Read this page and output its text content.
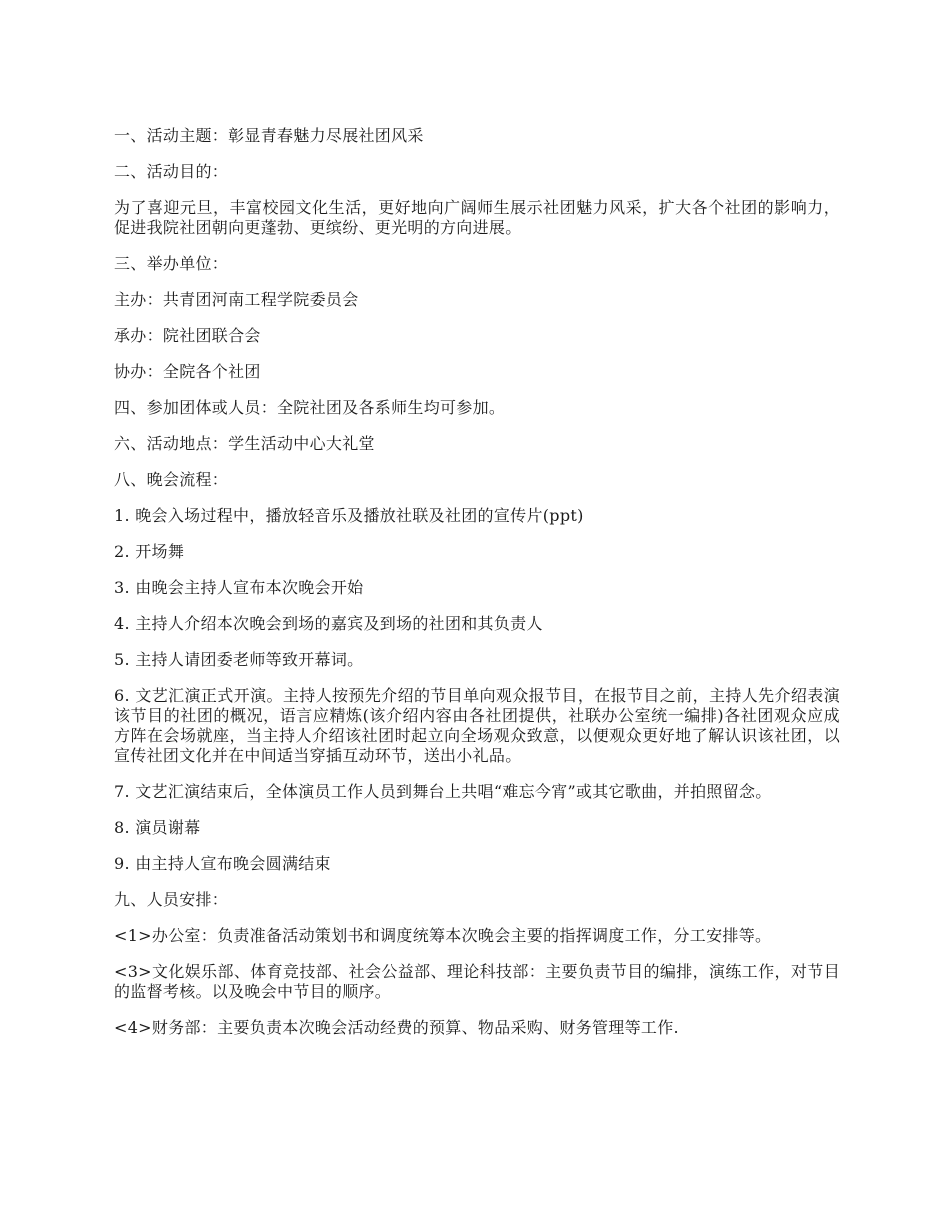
一、活动主题：彰显青春魅力尽展社团风采

二、活动目的：

为了喜迎元旦，丰富校园文化生活，更好地向广阔师生展示社团魅力风采，扩大各个社团的影响力，促进我院社团朝向更蓬勃、更缤纷、更光明的方向进展。

三、举办单位：

主办：共青团河南工程学院委员会

承办：院社团联合会

协办：全院各个社团

四、参加团体或人员：全院社团及各系师生均可参加。

六、活动地点：学生活动中心大礼堂

八、晚会流程：

1. 晚会入场过程中，播放轻音乐及播放社联及社团的宣传片(ppt)

2. 开场舞

3. 由晚会主持人宣布本次晚会开始

4. 主持人介绍本次晚会到场的嘉宾及到场的社团和其负责人

5. 主持人请团委老师等致开幕词。

6. 文艺汇演正式开演。主持人按预先介绍的节目单向观众报节目，在报节目之前，主持人先介绍表演该节目的社团的概况，语言应精炼(该介绍内容由各社团提供，社联办公室统一编排)各社团观众应成方阵在会场就座，当主持人介绍该社团时起立向全场观众致意，以便观众更好地了解认识该社团，以宣传社团文化并在中间适当穿插互动环节，送出小礼品。

7. 文艺汇演结束后，全体演员工作人员到舞台上共唱“难忘今宵”或其它歌曲，并拍照留念。

8. 演员谢幕

9. 由主持人宣布晚会圆满结束

九、人员安排：

<1>办公室：负责准备活动策划书和调度统筹本次晚会主要的指挥调度工作，分工安排等。

<3>文化娱乐部、体育竞技部、社会公益部、理论科技部：主要负责节目的编排，演练工作，对节目的监督考核。以及晚会中节目的顺序。

<4>财务部：主要负责本次晚会活动经费的预算、物品采购、财务管理等工作.
